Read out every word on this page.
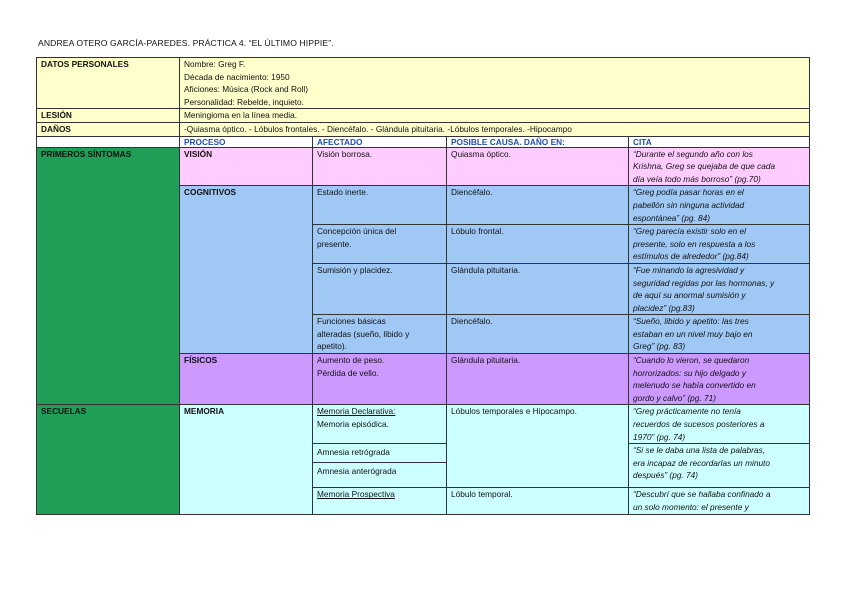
ANDREA OTERO GARCÍA-PAREDES. PRÁCTICA 4. “EL ÚLTIMO HIPPIE”.
DATOS PERSONALES	Nombre: Greg F.
Década de nacimiento: 1950
Aficiones: Música (Rock and Roll)
Personalidad: Rebelde, inquieto.			

LESIÓN	Meningioma en la línea media.			
DAÑOS	-Quiasma óptico. - Lóbulos frontales. - Diencéfalo. - Glándula pituitaria. -Lóbulos temporales. -Hipocampo			
	PROCESO	AFECTADO	POSIBLE CAUSA. DAÑO EN:	CITA
PRIMEROS SÍNTOMAS	VISIÓN	Visión borrosa.	Quiasma óptico.	“Durante el segundo año con los
Krishna, Greg se quejaba de que cada
día veía todo más borroso” (pg.70)

	COGNITIVOS	Estado inerte.	Diencéfalo.	“Greg podía pasar horas en el
pabellón sin ninguna actividad
espontánea” (pg. 84)

		Concepción única del
presente.	Lóbulo frontal.	“Greg parecía existir solo en el
presente, solo en respuesta a los
estímulos de alrededor” (pg.84)

		Sumisión y placidez.	Glándula pituitaria.	“Fue minando la agresividad y
seguridad regidas por las hormonas, y
de aquí su anormal sumisión y
placidez” (pg.83)

		Funciones básicas
alteradas (sueño, libido y
apetito).	Diencéfalo.	“Sueño, libido y apetito: las tres
estaban en un nivel muy bajo en
Greg” (pg. 83)

	FÍSICOS	Aumento de peso.
Pérdida de vello.	Glándula pituitaria.	“Cuando lo vieron, se quedaron
horrorizados: su hijo delgado y
melenudo se había convertido en
gordo y calvo” (pg. 71)

SECUELAS	MEMORIA	Memoria Declarativa:
Memoria episódica.	Lóbulos temporales e Hipocampo.	“Greg prácticamente no tenía
recuerdos de sucesos posteriores a
1970” (pg. 74)

		Amnesia retrógrada
Amnesia anterógrada		“Si se le daba una lista de palabras,
era incapaz de recordarlas un minuto
después” (pg. 74)

		Memoria Prospectiva	Lóbulo temporal.	“Descubrí que se hallaba confinado a
un solo momento: el presente y
